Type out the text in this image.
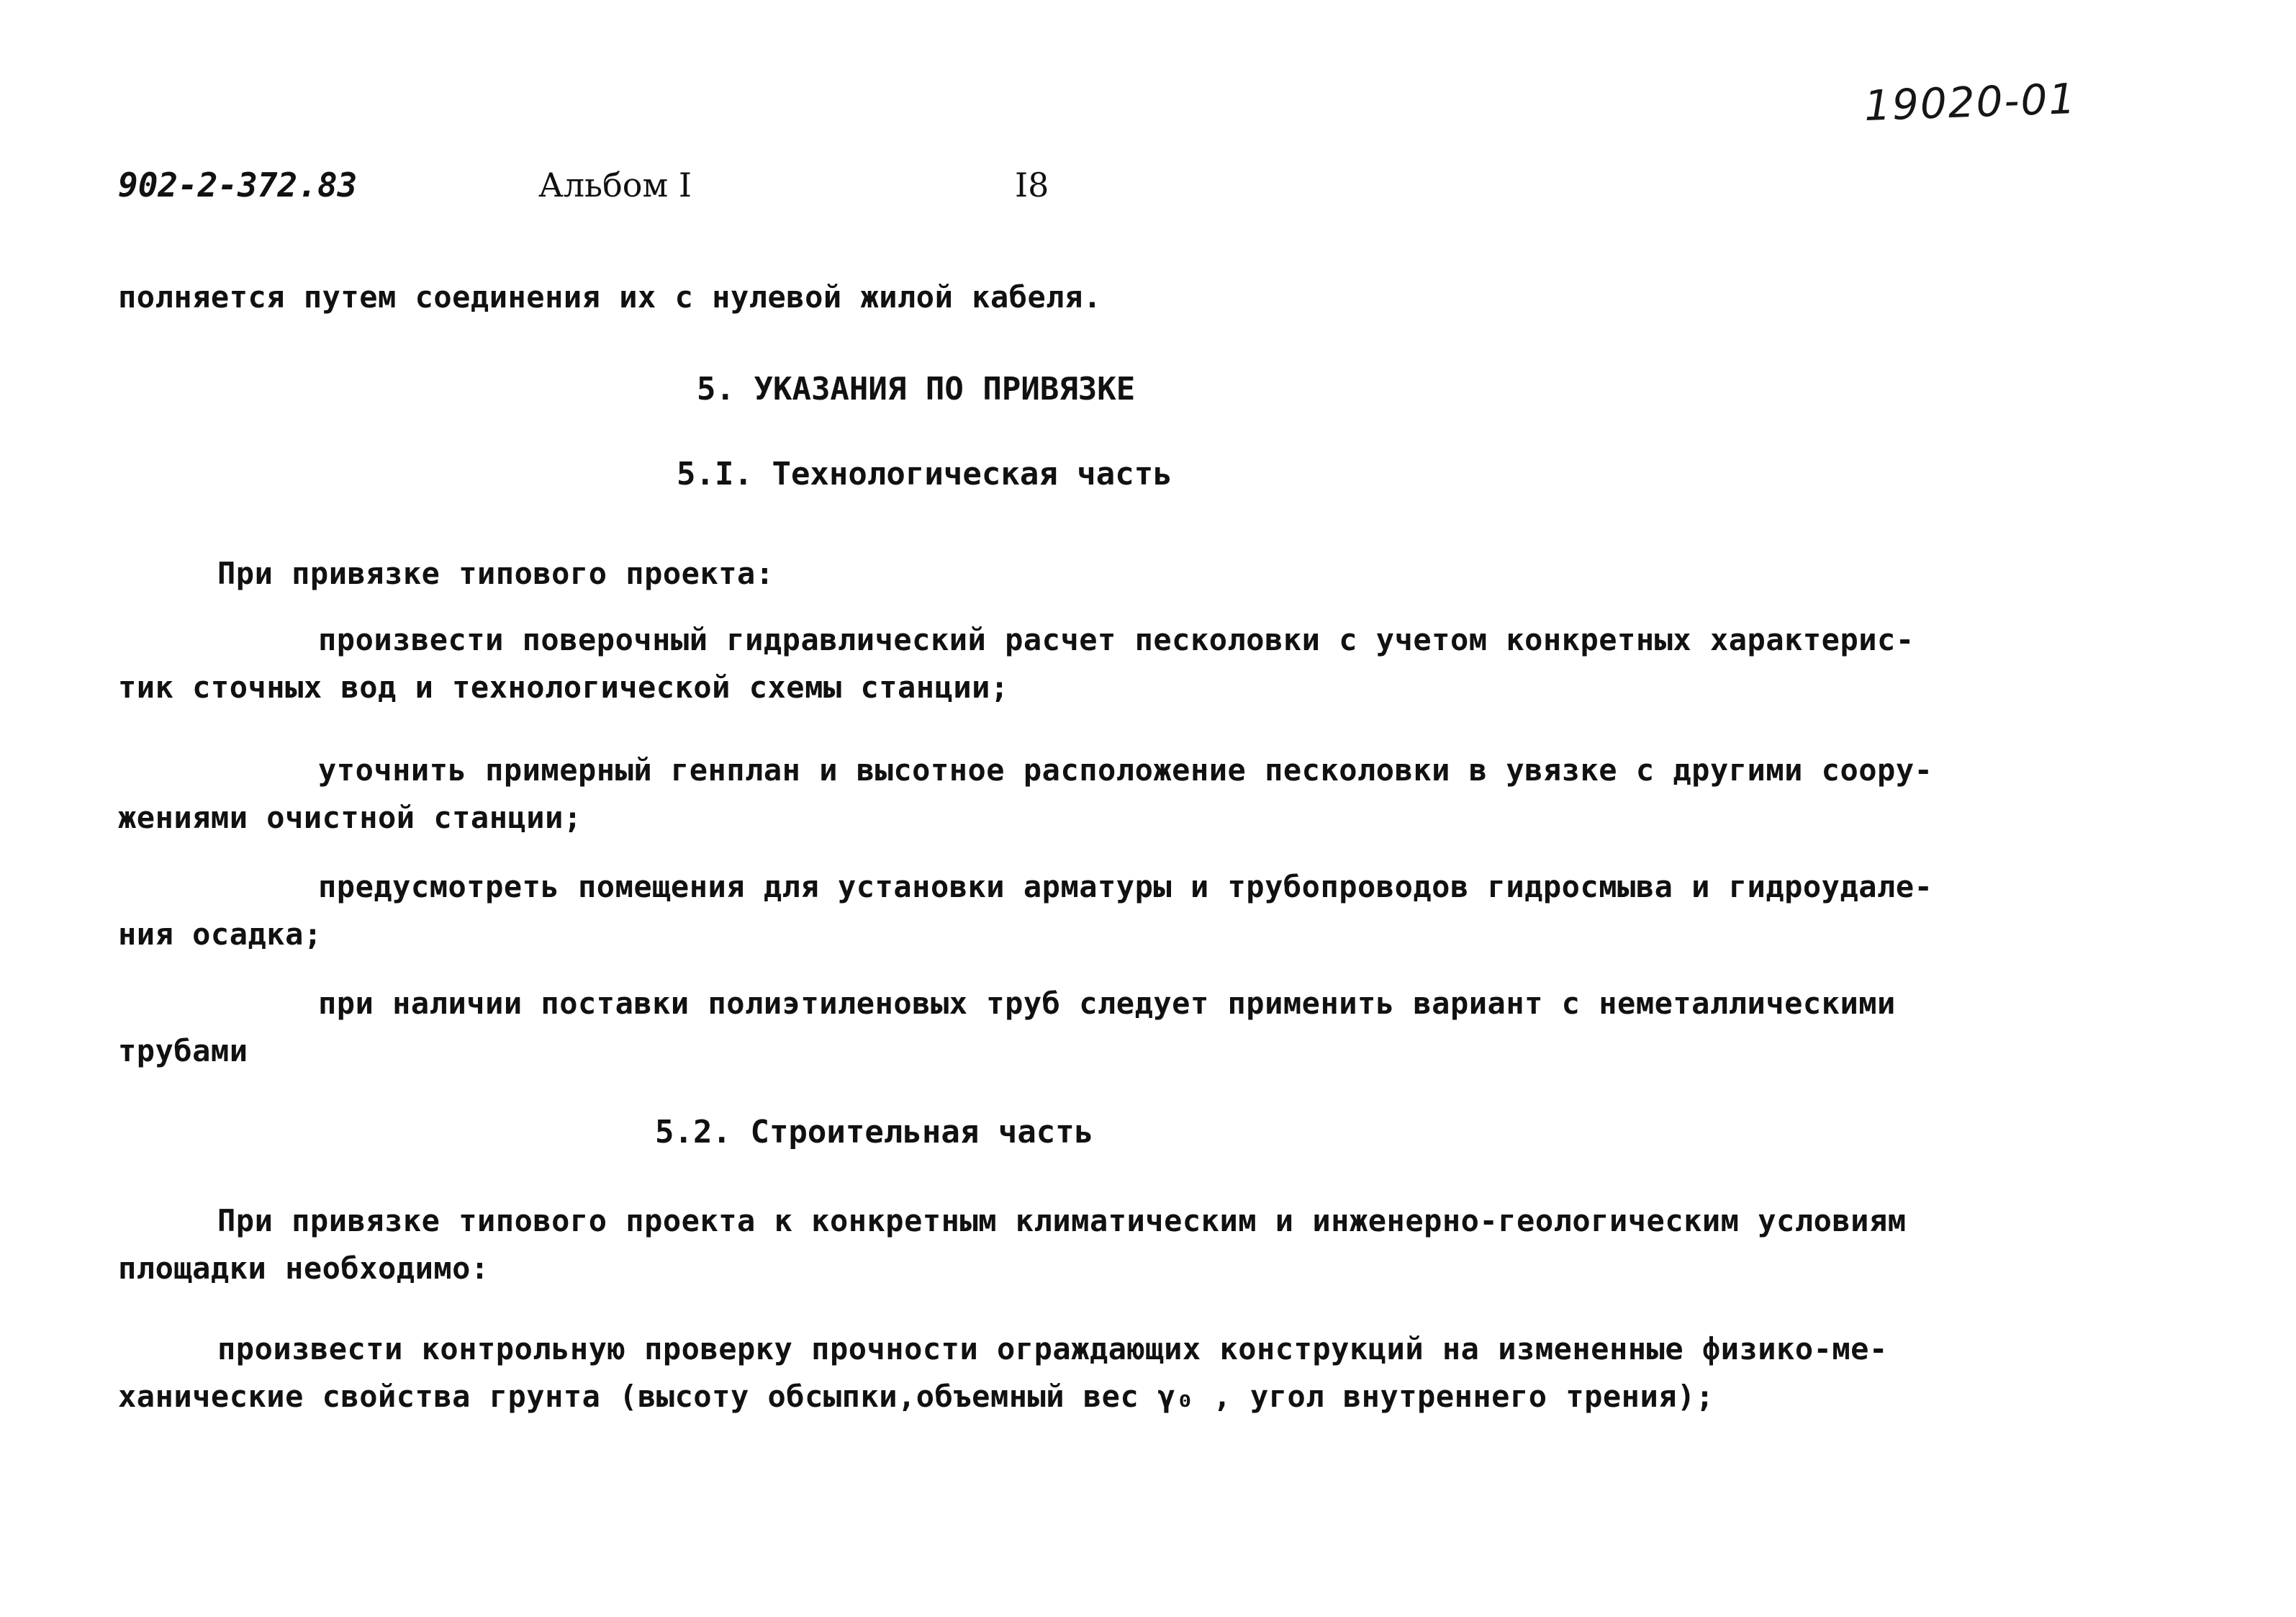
19020-01
902-2-372.83	Альбом I	I8
полняется путем соединения их с нулевой жилой кабеля.
5. УКАЗАНИЯ ПО ПРИВЯЗКЕ
5.I. Технологическая часть
При привязке типового проекта:
произвести поверочный гидравлический расчет песколовки с учетом конкретных характерис-
тик сточных вод и технологической схемы станции;
уточнить примерный генплан и высотное расположение песколовки в увязке с другими соору-
жениями очистной станции;
предусмотреть помещения для установки арматуры и трубопроводов гидросмыва и гидроудале-
ния осадка;
при наличии поставки полиэтиленовых труб следует применить вариант с неметаллическими
трубами
5.2. Строительная часть
При привязке типового проекта к конкретным климатическим и инженерно-геологическим условиям
площадки необходимо:
произвести контрольную проверку прочности ограждающих конструкций на измененные физико-ме-
ханические свойства грунта (высоту обсыпки,объемный вес γ₀ , угол внутреннего трения);
